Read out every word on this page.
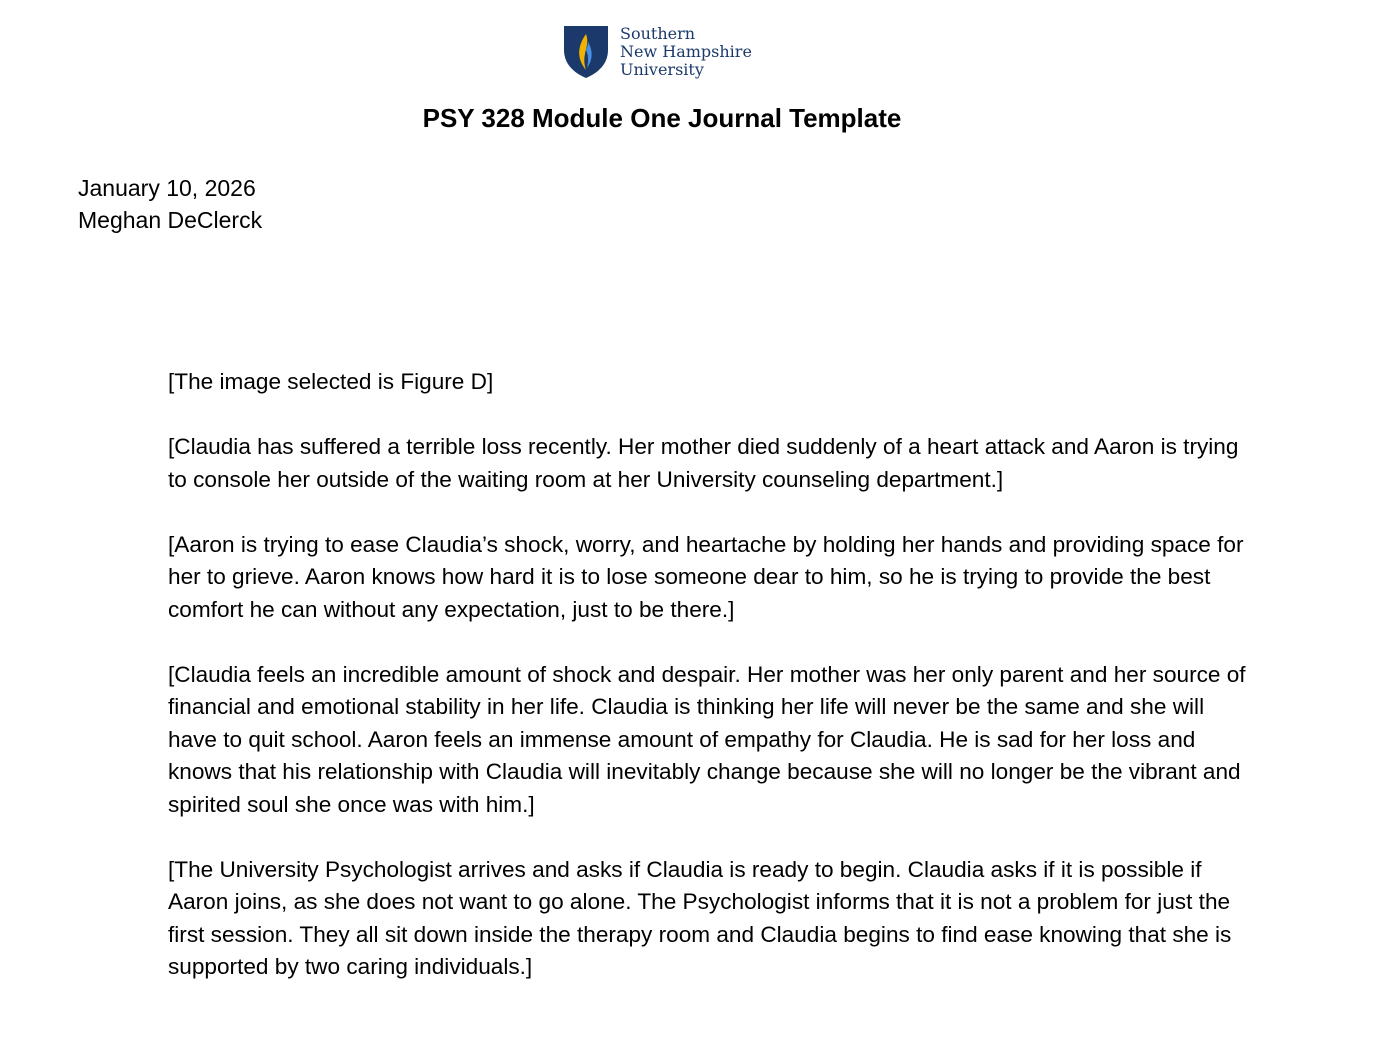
Southern
New Hampshire
University
PSY 328 Module One Journal Template
January 10, 2026
Meghan DeClerck

[The image selected is Figure D]

[Claudia has suffered a terrible loss recently. Her mother died suddenly of a heart attack and Aaron is trying to console her outside of the waiting room at her University counseling department.]

[Aaron is trying to ease Claudia’s shock, worry, and heartache by holding her hands and providing space for her to grieve. Aaron knows how hard it is to lose someone dear to him, so he is trying to provide the best comfort he can without any expectation, just to be there.]

[Claudia feels an incredible amount of shock and despair. Her mother was her only parent and her source of financial and emotional stability in her life. Claudia is thinking her life will never be the same and she will have to quit school. Aaron feels an immense amount of empathy for Claudia. He is sad for her loss and knows that his relationship with Claudia will inevitably change because she will no longer be the vibrant and spirited soul she once was with him.]

[The University Psychologist arrives and asks if Claudia is ready to begin. Claudia asks if it is possible if Aaron joins, as she does not want to go alone. The Psychologist informs that it is not a problem for just the first session. They all sit down inside the therapy room and Claudia begins to find ease knowing that she is supported by two caring individuals.]
